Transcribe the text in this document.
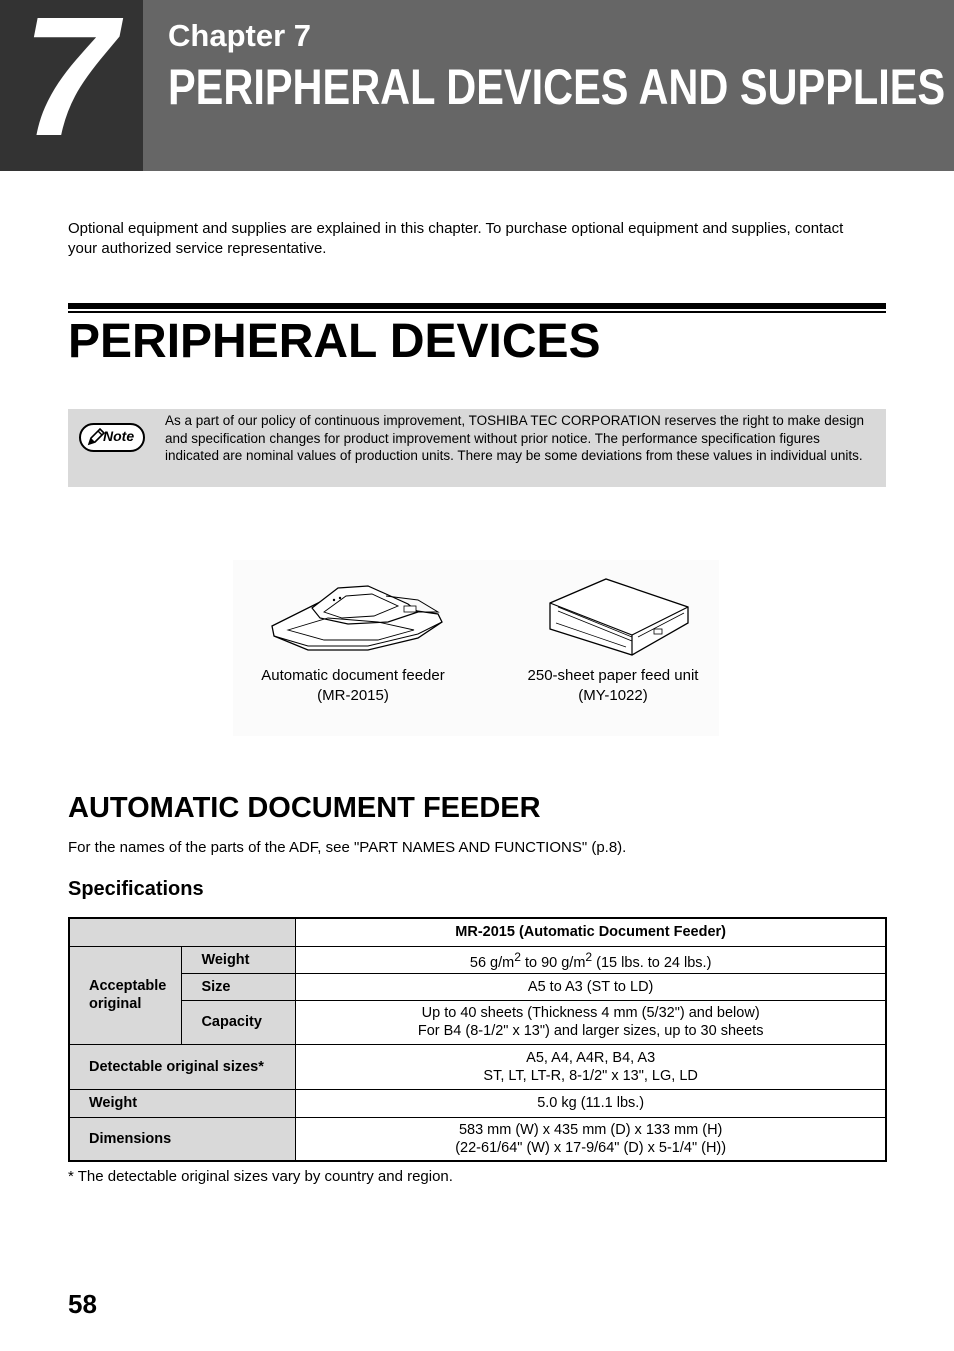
7 Chapter 7
PERIPHERAL DEVICES AND SUPPLIES

Optional equipment and supplies are explained in this chapter. To purchase optional equipment and supplies, contact your authorized service representative.

PERIPHERAL DEVICES
Note

As a part of our policy of continuous improvement, TOSHIBA TEC CORPORATION reserves the right to make design and specification changes for product improvement without prior notice. The performance specification figures indicated are nominal values of production units. There may be some deviations from these values in individual units.

Automatic document feeder
(MR-2015)
250-sheet paper feed unit
(MY-1022)
AUTOMATIC DOCUMENT FEEDER

For the names of the parts of the ADF, see "PART NAMES AND FUNCTIONS" (p.8).

Specifications
		MR-2015 (Automatic Document Feeder)
Acceptable original	Weight	56 $g/m^2$ to 90 $g/m^2$ (15 lbs. to 24 lbs.)
	Size	A5 to A3 (ST to LD)
	Capacity	Up to 40 sheets (Thickness 4 mm (5/32") and below)
For B4 (8-1/2" x 13") and larger sizes, up to 30 sheets

Detectable original sizes*		A5, A4, A4R, B4, A3
ST, LT, LT-R, 8-1/2" x 13", LG, LD

Weight		5.0 kg (11.1 lbs.)
Dimensions		583 mm (W) x 435 mm (D) x 133 mm (H)
(22-61/64" (W) x 17-9/64" (D) x 5-1/4" (H))

* The detectable original sizes vary by country and region.

58
